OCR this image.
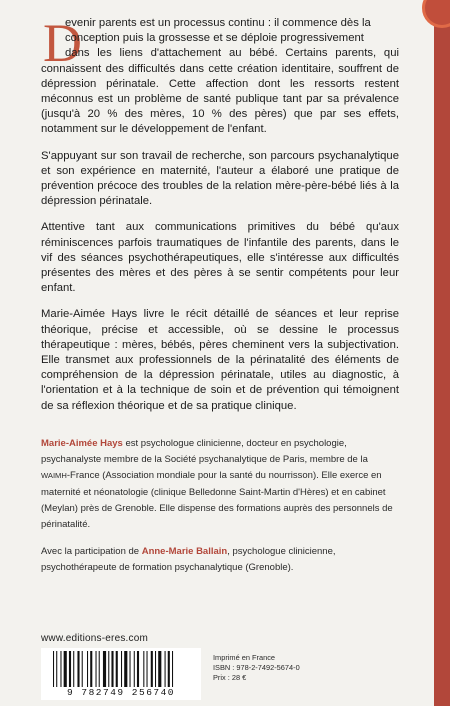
D

evenir parents est un processus continu : il commence dès la
conception puis la grossesse et se déploie progressivement
dans les liens d'attachement au bébé. Certains parents, qui connaissent des difficultés dans cette création identitaire, souffrent de dépression périnatale. Cette affection dont les ressorts restent méconnus est un problème de santé publique tant par sa prévalence (jusqu'à 20 % des mères, 10 % des pères) que par ses effets, notamment sur le développement de l'enfant.

S'appuyant sur son travail de recherche, son parcours psychanalytique et son expérience en maternité, l'auteur a élaboré une pratique de prévention précoce des troubles de la relation mère-père-bébé liés à la dépression périnatale.

Attentive tant aux communications primitives du bébé qu'aux réminiscences parfois traumatiques de l'infantile des parents, dans le vif des séances psychothérapeutiques, elle s'intéresse aux difficultés présentes des mères et des pères à se sentir compétents pour leur enfant.

Marie-Aimée Hays livre le récit détaillé de séances et leur reprise théorique, précise et accessible, où se dessine le processus thérapeutique : mères, bébés, pères cheminent vers la subjectivation. Elle transmet aux professionnels de la périnatalité des éléments de compréhension de la dépression périnatale, utiles au diagnostic, à l'orientation et à la technique de soin et de prévention qui témoignent de sa réflexion théorique et de sa pratique clinique.

Marie-Aimée Hays est psychologue clinicienne, docteur en psychologie, psychanalyste membre de la Société psychanalytique de Paris, membre de la WAIMH-France (Association mondiale pour la santé du nourrisson). Elle exerce en maternité et néonatologie (clinique Belledonne Saint-Martin d'Hères) et en cabinet (Meylan) près de Grenoble. Elle dispense des formations auprès des personnels de périnatalité.

Avec la participation de Anne-Marie Ballain, psychologue clinicienne, psychothérapeute de formation psychanalytique (Grenoble).

www.editions-eres.com
9 782749 256740
Imprimé en France
ISBN : 978-2-7492-5674-0
Prix : 28 €
